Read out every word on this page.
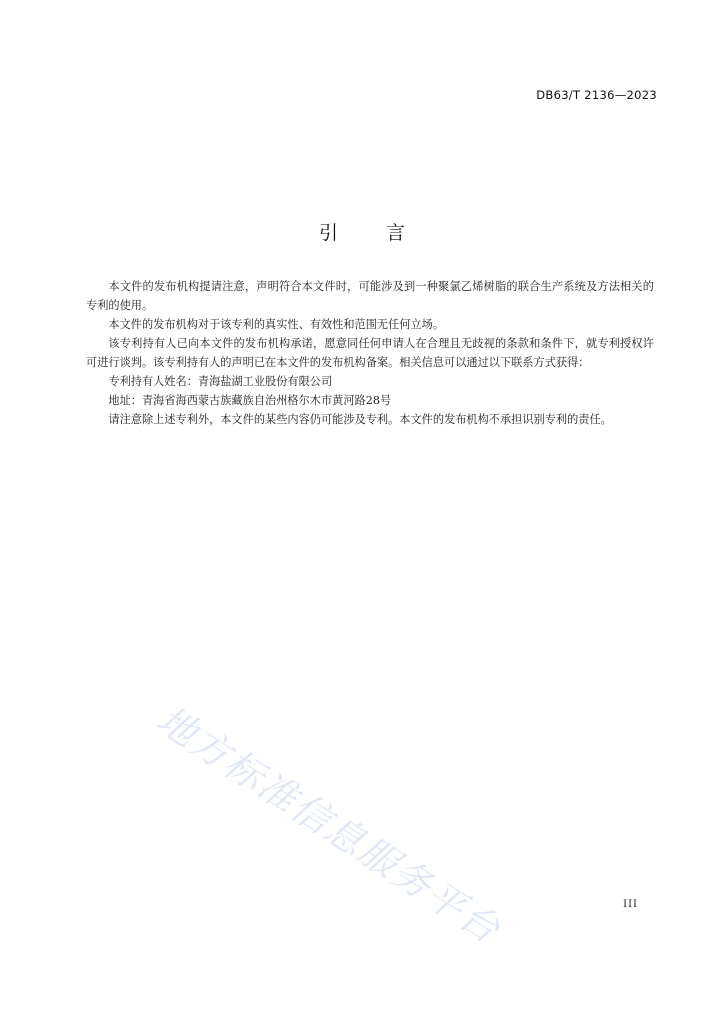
DB63/T 2136—2023
引	言

本文件的发布机构提请注意，声明符合本文件时，可能涉及到一种聚氯乙烯树脂的联合生产系统及方法相关的专利的使用。

本文件的发布机构对于该专利的真实性、有效性和范围无任何立场。

该专利持有人已向本文件的发布机构承诺，愿意同任何申请人在合理且无歧视的条款和条件下，就专利授权许可进行谈判。该专利持有人的声明已在本文件的发布机构备案。相关信息可以通过以下联系方式获得：

专利持有人姓名：青海盐湖工业股份有限公司

地址：青海省海西蒙古族藏族自治州格尔木市黄河路28号

请注意除上述专利外，本文件的某些内容仍可能涉及专利。本文件的发布机构不承担识别专利的责任。

地方标准信息服务平台	III
